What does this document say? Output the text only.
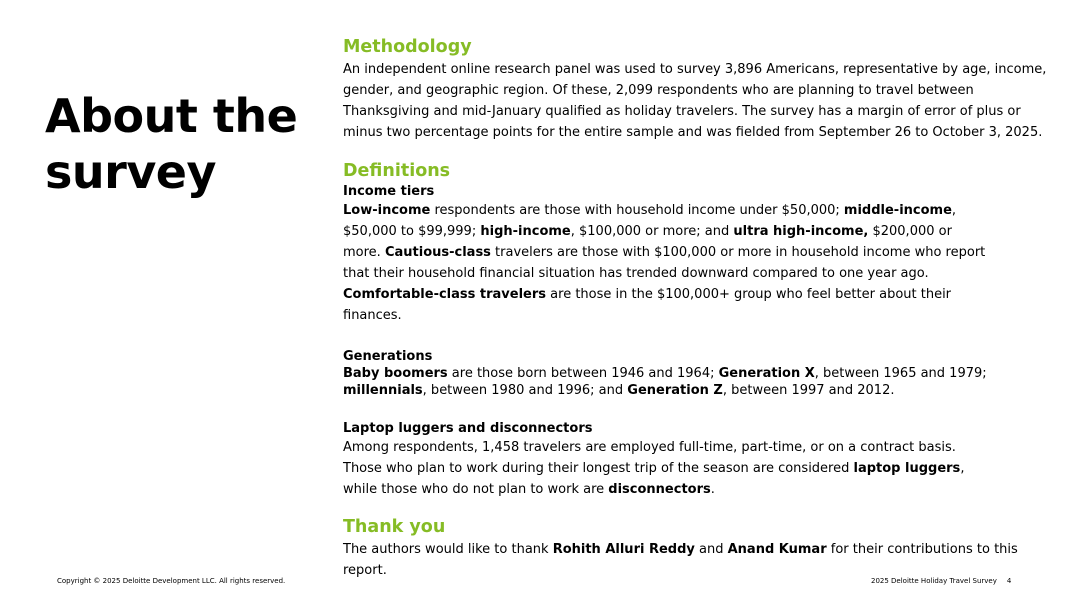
About the survey
Methodology

An independent online research panel was used to survey 3,896 Americans, representative by age, income, gender, and geographic region. Of these, 2,099 respondents who are planning to travel between Thanksgiving and mid-January qualified as holiday travelers. The survey has a margin of error of plus or minus two percentage points for the entire sample and was fielded from September 26 to October 3, 2025.

Definitions
Income tiers

Low-income respondents are those with household income under $50,000; middle-income, $50,000 to $99,999; high-income, $100,000 or more; and ultra high-income, $200,000 or more. Cautious-class travelers are those with $100,000 or more in household income who report that their household financial situation has trended downward compared to one year ago. Comfortable-class travelers are those in the $100,000+ group who feel better about their finances.

Generations

Baby boomers are those born between 1946 and 1964; Generation X, between 1965 and 1979; millennials, between 1980 and 1996; and Generation Z, between 1997 and 2012.

Laptop luggers and disconnectors

Among respondents, 1,458 travelers are employed full-time, part-time, or on a contract basis. Those who plan to work during their longest trip of the season are considered laptop luggers, while those who do not plan to work are disconnectors.

Thank you

The authors would like to thank Rohith Alluri Reddy and Anand Kumar for their contributions to this report.

Copyright © 2025 Deloitte Development LLC. All rights reserved.	2025 Deloitte Holiday Travel Survey 4
